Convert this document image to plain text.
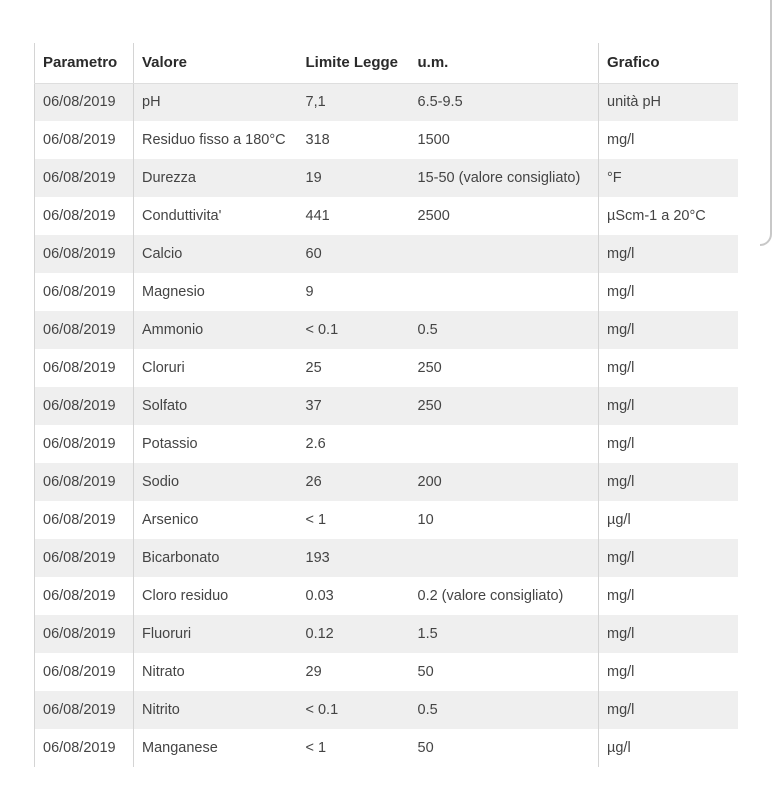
Parametro	Valore	Limite Legge	u.m.	Grafico
06/08/2019	pH	7,1	6.5-9.5	unità pH
06/08/2019	Residuo fisso a 180°C	318	1500	mg/l
06/08/2019	Durezza	19	15-50 (valore consigliato)	°F
06/08/2019	Conduttivita'	441	2500	µScm-1 a 20°C
06/08/2019	Calcio	60		mg/l
06/08/2019	Magnesio	9		mg/l
06/08/2019	Ammonio	< 0.1	0.5	mg/l
06/08/2019	Cloruri	25	250	mg/l
06/08/2019	Solfato	37	250	mg/l
06/08/2019	Potassio	2.6		mg/l
06/08/2019	Sodio	26	200	mg/l
06/08/2019	Arsenico	< 1	10	µg/l
06/08/2019	Bicarbonato	193		mg/l
06/08/2019	Cloro residuo	0.03	0.2 (valore consigliato)	mg/l
06/08/2019	Fluoruri	0.12	1.5	mg/l
06/08/2019	Nitrato	29	50	mg/l
06/08/2019	Nitrito	< 0.1	0.5	mg/l
06/08/2019	Manganese	< 1	50	µg/l
